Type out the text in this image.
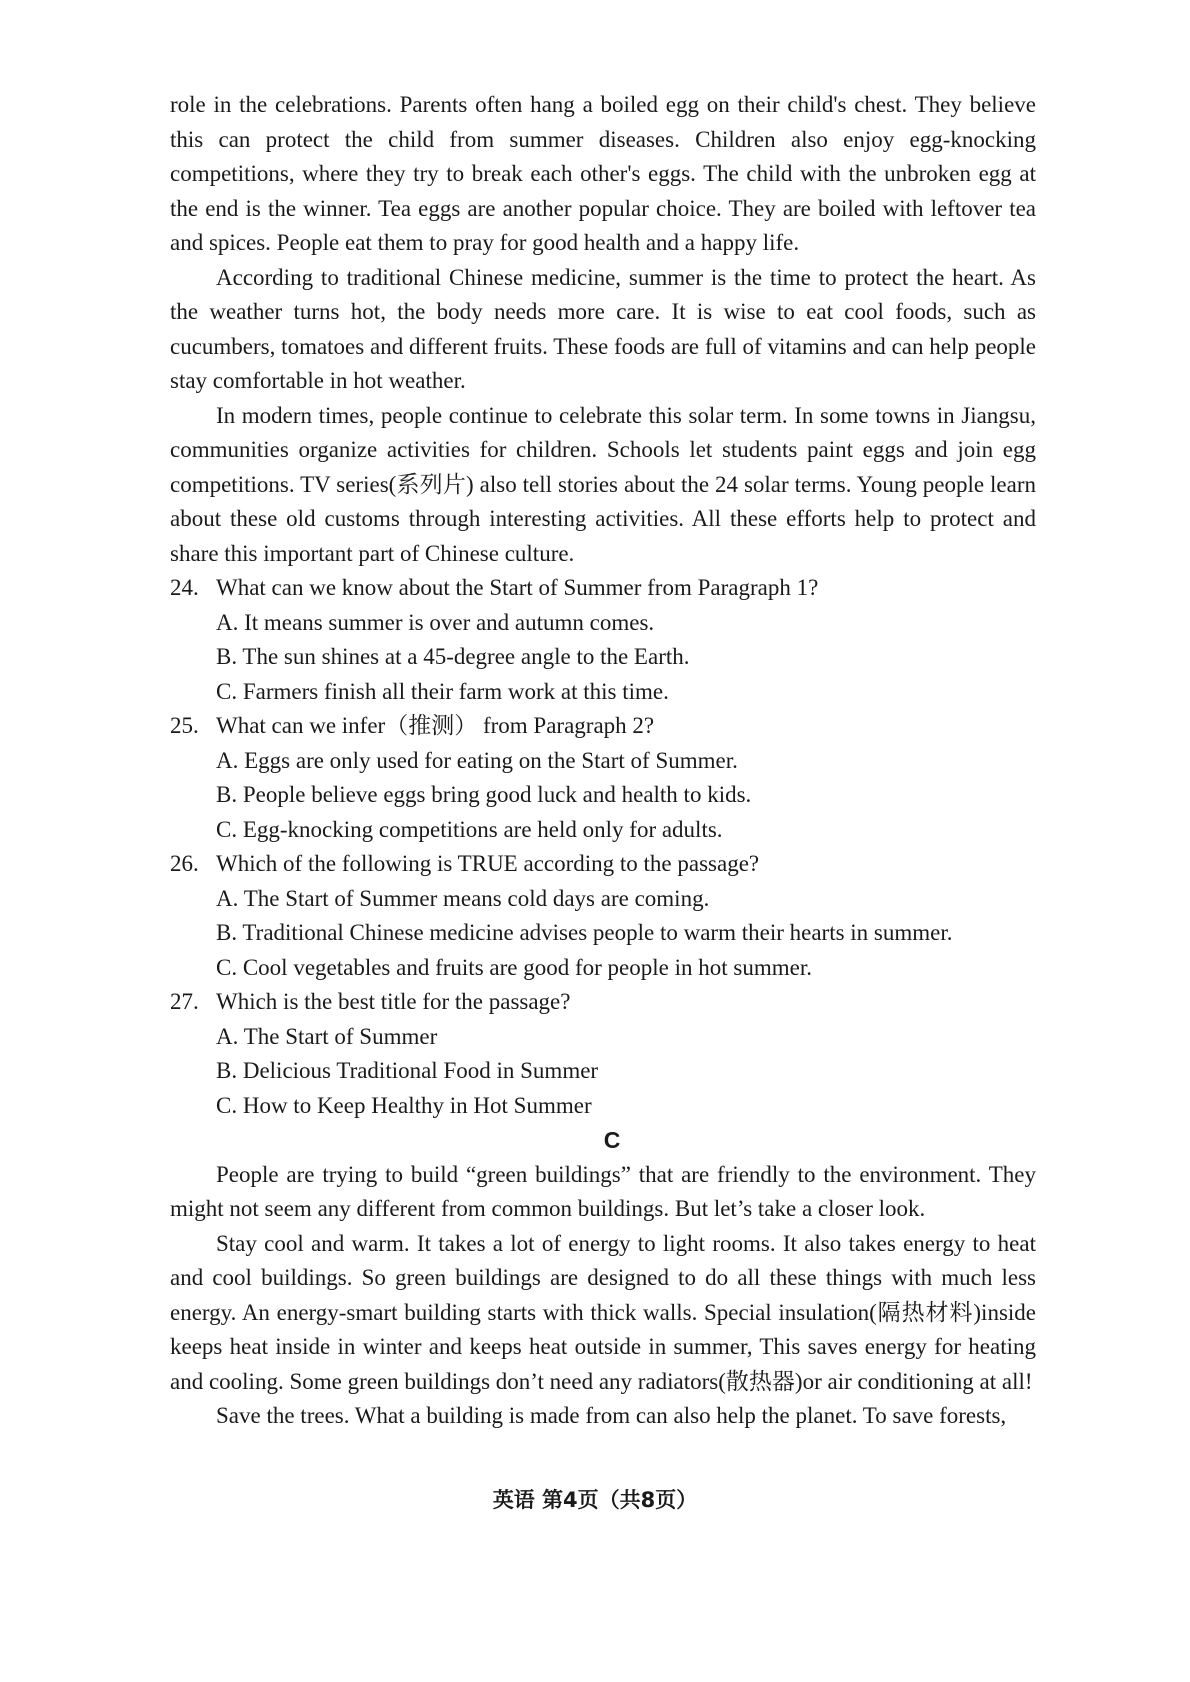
role in the celebrations. Parents often hang a boiled egg on their child's chest. They believe this can protect the child from summer diseases. Children also enjoy egg-knocking competitions, where they try to break each other's eggs. The child with the unbroken egg at the end is the winner. Tea eggs are another popular choice. They are boiled with leftover tea and spices. People eat them to pray for good health and a happy life.

According to traditional Chinese medicine, summer is the time to protect the heart. As the weather turns hot, the body needs more care. It is wise to eat cool foods, such as cucumbers, tomatoes and different fruits. These foods are full of vitamins and can help people stay comfortable in hot weather.

In modern times, people continue to celebrate this solar term. In some towns in Jiangsu, communities organize activities for children. Schools let students paint eggs and join egg competitions. TV series(系列片) also tell stories about the 24 solar terms. Young people learn about these old customs through interesting activities. All these efforts help to protect and share this important part of Chinese culture.

24. What can we know about the Start of Summer from Paragraph 1?

A. It means summer is over and autumn comes.

B. The sun shines at a 45-degree angle to the Earth.

C. Farmers finish all their farm work at this time.

25. What can we infer（推测） from Paragraph 2?

A. Eggs are only used for eating on the Start of Summer.

B. People believe eggs bring good luck and health to kids.

C. Egg-knocking competitions are held only for adults.

26. Which of the following is TRUE according to the passage?

A. The Start of Summer means cold days are coming.

B. Traditional Chinese medicine advises people to warm their hearts in summer.

C. Cool vegetables and fruits are good for people in hot summer.

27. Which is the best title for the passage?

A. The Start of Summer

B. Delicious Traditional Food in Summer

C. How to Keep Healthy in Hot Summer

C

People are trying to build “green buildings” that are friendly to the environment. They might not seem any different from common buildings. But let’s take a closer look.

Stay cool and warm. It takes a lot of energy to light rooms. It also takes energy to heat and cool buildings. So green buildings are designed to do all these things with much less energy. An energy-smart building starts with thick walls. Special insulation(隔热材料)inside keeps heat inside in winter and keeps heat outside in summer, This saves energy for heating and cooling. Some green buildings don’t need any radiators(散热器)or air conditioning at all!

Save the trees. What a building is made from can also help the planet. To save forests,

英语 第4页（共8页）
